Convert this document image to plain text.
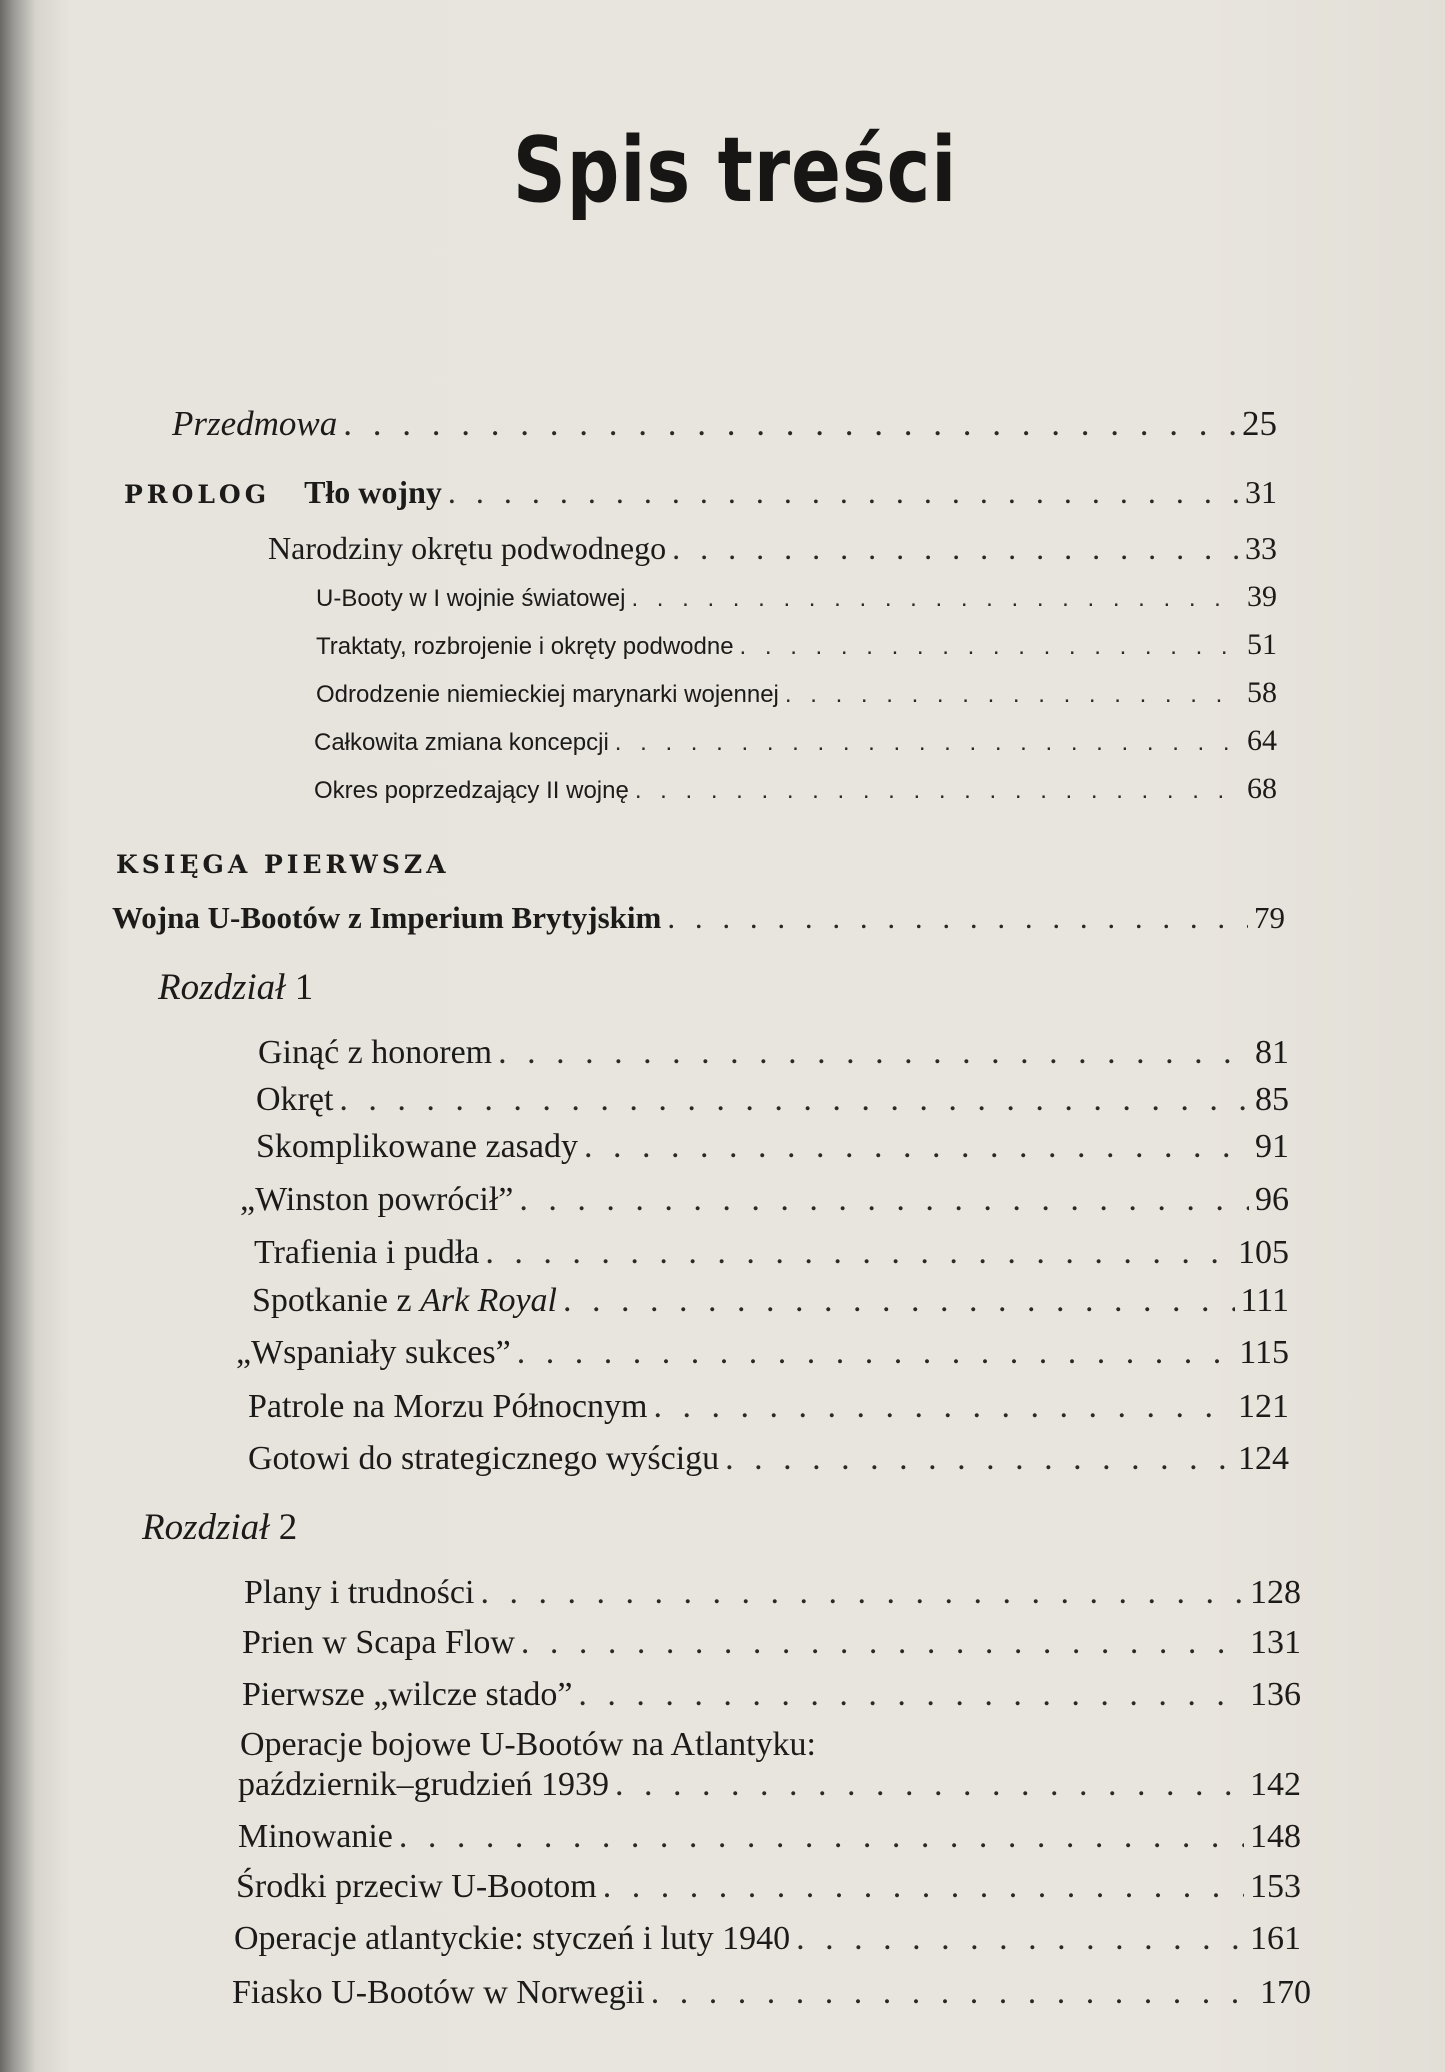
Spis treści
Przedmowa . . .	25
PROLOG Tło wojny . . .	31
Narodziny okrętu podwodnego . . .	33
U-Booty w I wojnie światowej . . .	39
Traktaty, rozbrojenie i okręty podwodne . . .	51
Odrodzenie niemieckiej marynarki wojennej . . .	58
Całkowita zmiana koncepcji . . .	64
Okres poprzedzający II wojnę . . .	68
KSIĘGA PIERWSZA
Wojna U-Bootów z Imperium Brytyjskim . . .	79
Rozdział 1
Ginąć z honorem . . .	81
Okręt . . .	85
Skomplikowane zasady . . .	91
„Winston powrócił” . . .	96
Trafienia i pudła . . .	105
Spotkanie z Ark Royal . . .	111
„Wspaniały sukces” . . .	115
Patrole na Morzu Północnym . . .	121
Gotowi do strategicznego wyścigu . . .	124
Rozdział 2
Plany i trudności . . .	128
Prien w Scapa Flow . . .	131
Pierwsze „wilcze stado” . . .	136
Operacje bojowe U-Bootów na Atlantyku:
październik–grudzień 1939 . . .	142
Minowanie . . .	148
Środki przeciw U-Bootom . . .	153
Operacje atlantyckie: styczeń i luty 1940 . . .	161
Fiasko U-Bootów w Norwegii . . .	170
